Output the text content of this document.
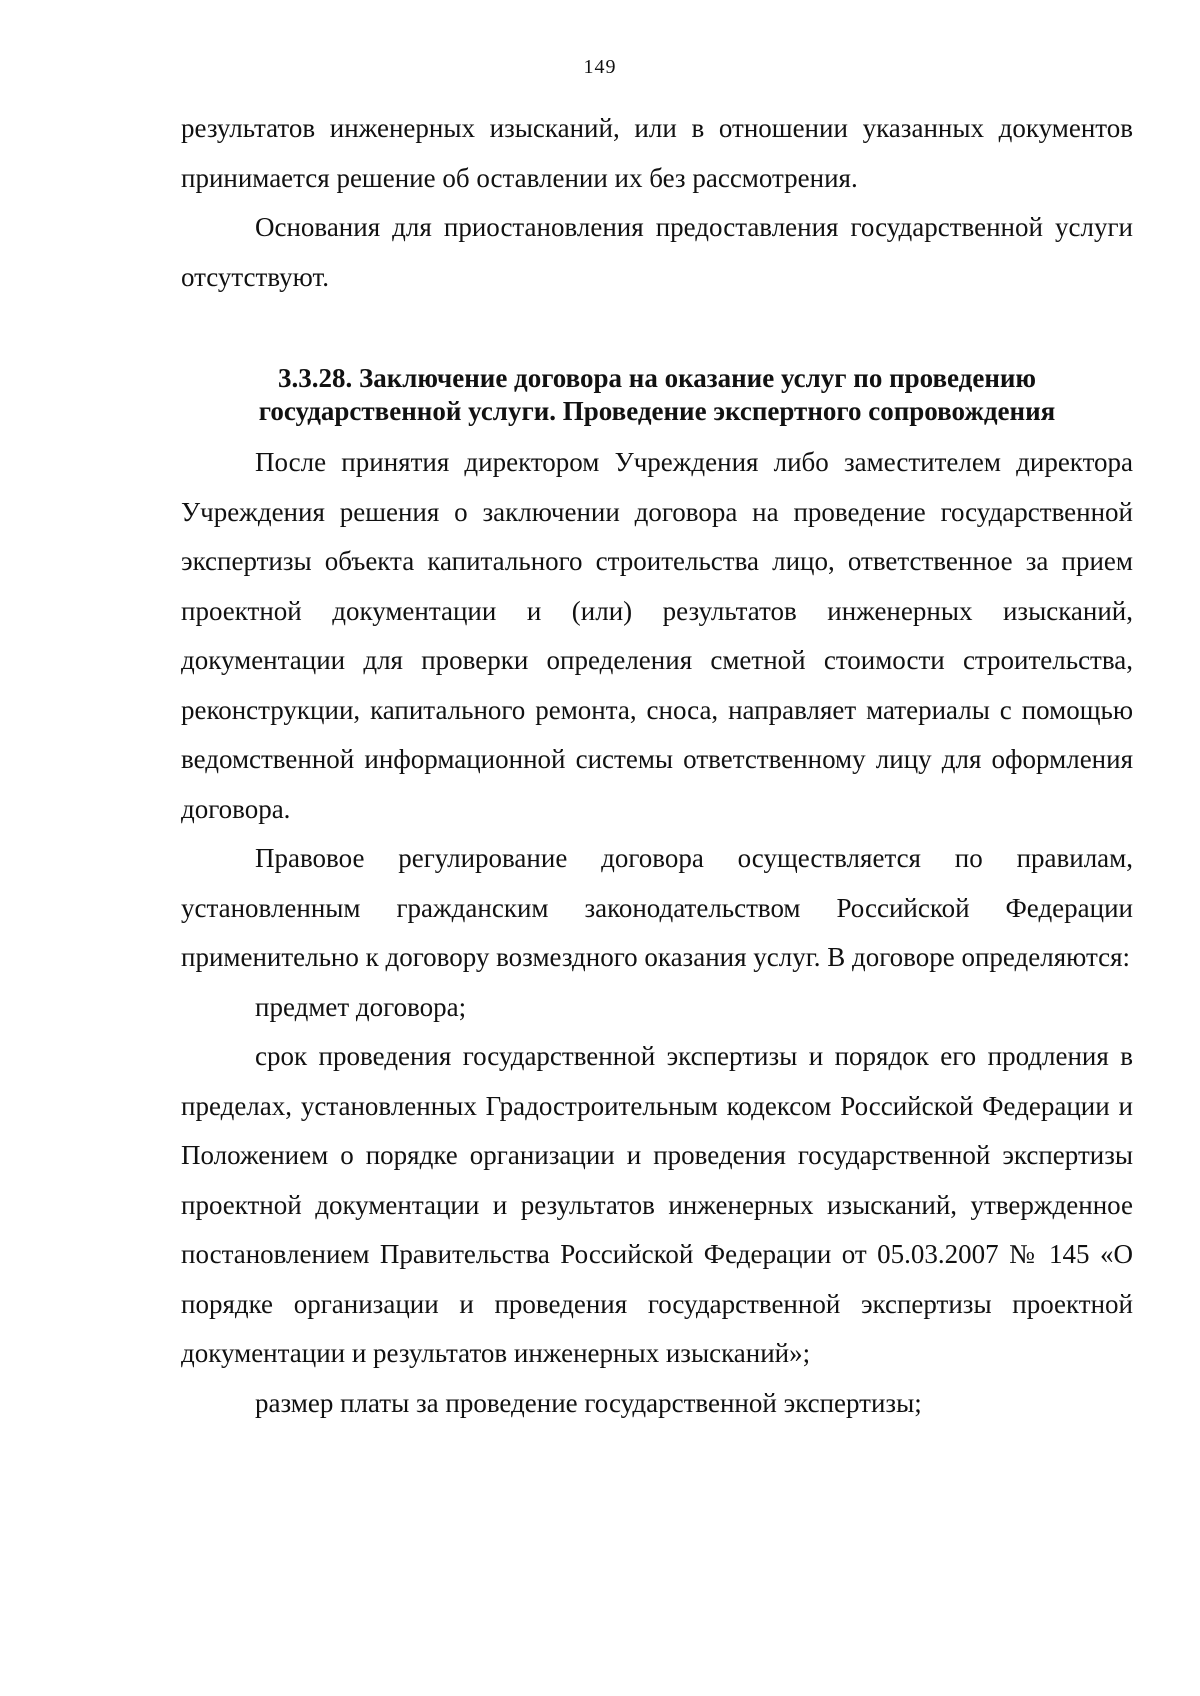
149

результатов инженерных изысканий, или в отношении указанных документов принимается решение об оставлении их без рассмотрения.

Основания для приостановления предоставления государственной услуги отсутствуют.

3.3.28. Заключение договора на оказание услуг по проведению
государственной услуги. Проведение экспертного сопровождения

После принятия директором Учреждения либо заместителем директора Учреждения решения о заключении договора на проведение государственной экспертизы объекта капитального строительства лицо, ответственное за прием проектной документации и (или) результатов инженерных изысканий, документации для проверки определения сметной стоимости строительства, реконструкции, капитального ремонта, сноса, направляет материалы с помощью ведомственной информационной системы ответственному лицу для оформления договора.

Правовое регулирование договора осуществляется по правилам, установленным гражданским законодательством Российской Федерации применительно к договору возмездного оказания услуг. В договоре определяются:

предмет договора;

срок проведения государственной экспертизы и порядок его продления в пределах, установленных Градостроительным кодексом Российской Федерации и Положением о порядке организации и проведения государственной экспертизы проектной документации и результатов инженерных изысканий, утвержденное постановлением Правительства Российской Федерации от 05.03.2007 № 145 «О порядке организации и проведения государственной экспертизы проектной документации и результатов инженерных изысканий»;

размер платы за проведение государственной экспертизы;
